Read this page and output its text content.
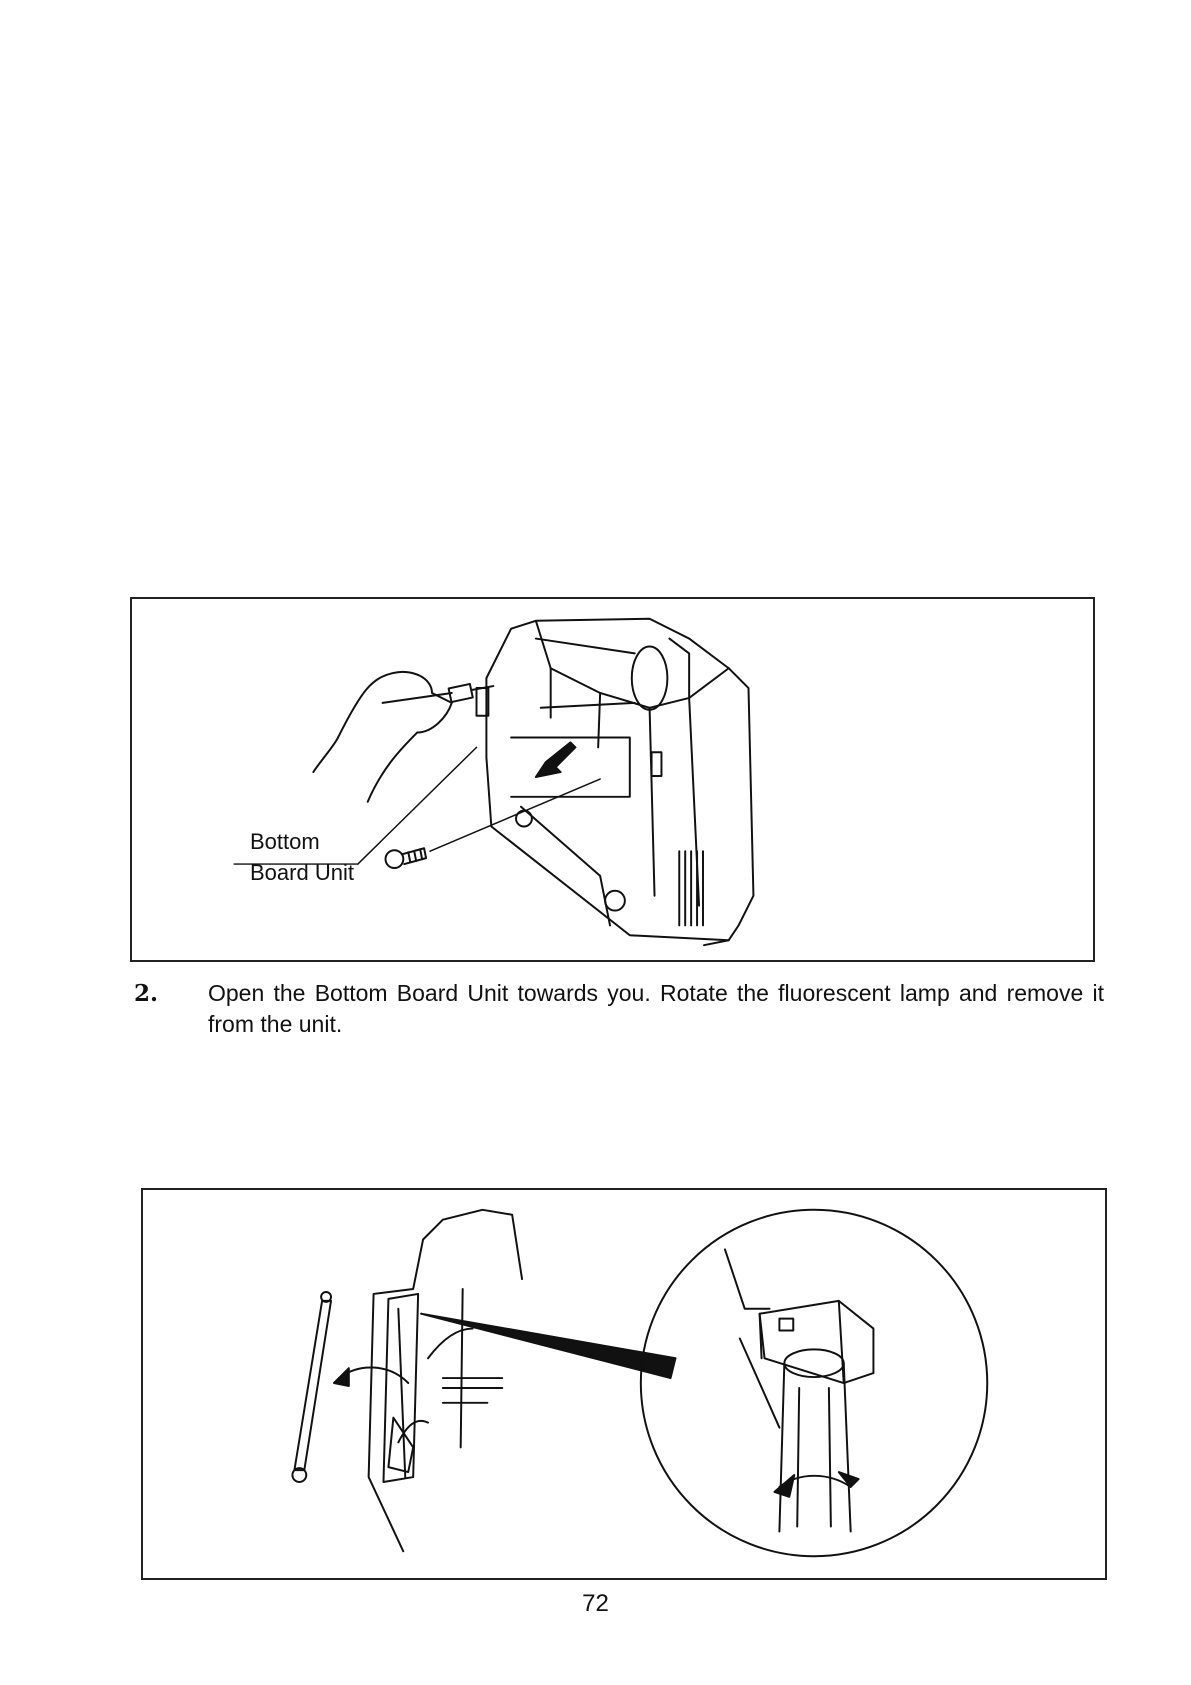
Bottom
Board Unit
2. Open the Bottom Board Unit towards you. Rotate the fluorescent lamp and remove it from the unit.
72
